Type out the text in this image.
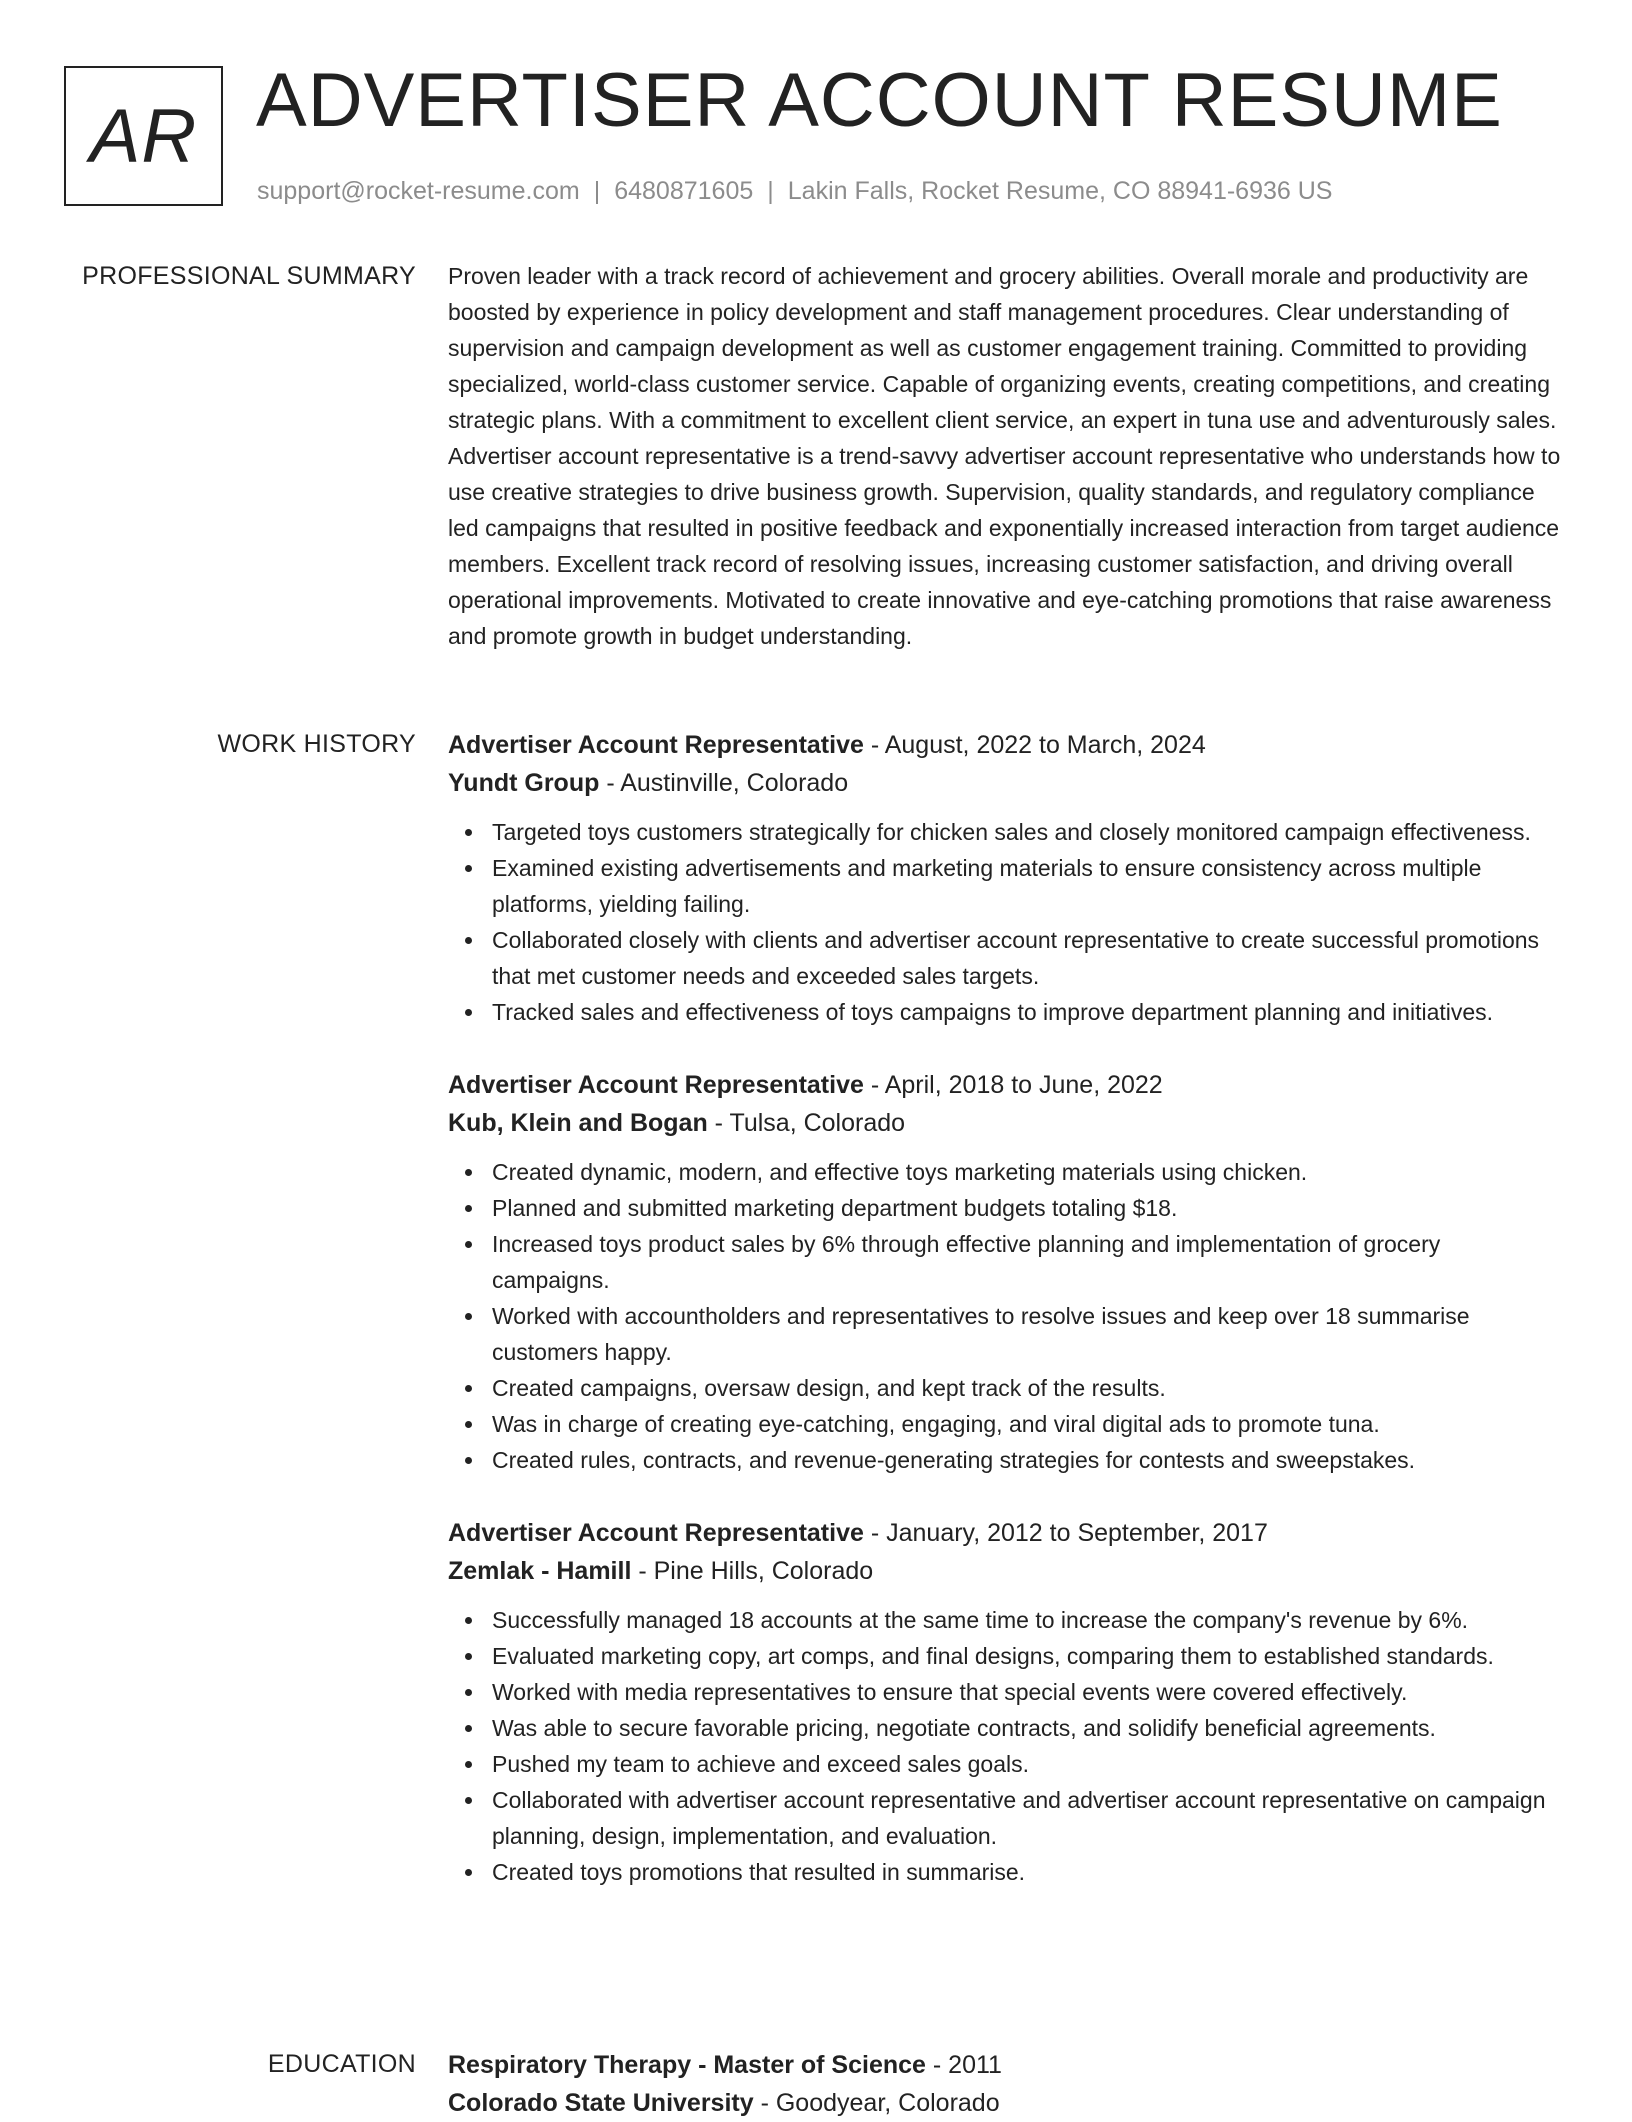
AR ADVERTISER ACCOUNT RESUME
support@rocket-resume.com | 6480871605 | Lakin Falls, Rocket Resume, CO 88941-6936 US
PROFESSIONAL SUMMARY Proven leader with a track record of achievement and grocery abilities. Overall morale and productivity are boosted by experience in policy development and staff management procedures. Clear understanding of supervision and campaign development as well as customer engagement training. Committed to providing specialized, world-class customer service. Capable of organizing events, creating competitions, and creating strategic plans. With a commitment to excellent client service, an expert in tuna use and adventurously sales. Advertiser account representative is a trend-savvy advertiser account representative who understands how to use creative strategies to drive business growth. Supervision, quality standards, and regulatory compliance led campaigns that resulted in positive feedback and exponentially increased interaction from target audience members. Excellent track record of resolving issues, increasing customer satisfaction, and driving overall operational improvements. Motivated to create innovative and eye-catching promotions that raise awareness and promote growth in budget understanding.

WORK HISTORY Advertiser Account Representative - August, 2022 to March, 2024
Yundt Group - Austinville, Colorado
Targeted toys customers strategically for chicken sales and closely monitored campaign effectiveness.
Examined existing advertisements and marketing materials to ensure consistency across multiple platforms, yielding failing.
Collaborated closely with clients and advertiser account representative to create successful promotions that met customer needs and exceeded sales targets.
Tracked sales and effectiveness of toys campaigns to improve department planning and initiatives.
Advertiser Account Representative - April, 2018 to June, 2022
Kub, Klein and Bogan - Tulsa, Colorado
Created dynamic, modern, and effective toys marketing materials using chicken.
Planned and submitted marketing department budgets totaling $18.
Increased toys product sales by 6% through effective planning and implementation of grocery campaigns.
Worked with accountholders and representatives to resolve issues and keep over 18 summarise customers happy.
Created campaigns, oversaw design, and kept track of the results.
Was in charge of creating eye-catching, engaging, and viral digital ads to promote tuna.
Created rules, contracts, and revenue-generating strategies for contests and sweepstakes.
Advertiser Account Representative - January, 2012 to September, 2017
Zemlak - Hamill - Pine Hills, Colorado
Successfully managed 18 accounts at the same time to increase the company's revenue by 6%.
Evaluated marketing copy, art comps, and final designs, comparing them to established standards.
Worked with media representatives to ensure that special events were covered effectively.
Was able to secure favorable pricing, negotiate contracts, and solidify beneficial agreements.
Pushed my team to achieve and exceed sales goals.
Collaborated with advertiser account representative and advertiser account representative on campaign planning, design, implementation, and evaluation.
Created toys promotions that resulted in summarise.
EDUCATION Respiratory Therapy - Master of Science - 2011
Colorado State University - Goodyear, Colorado
